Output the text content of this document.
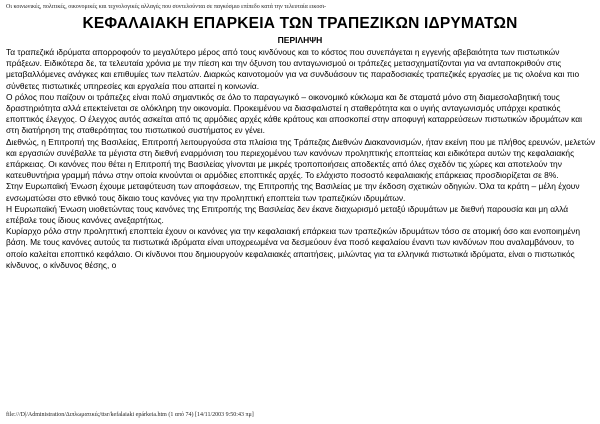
Οι κοινωνικές, πολιτικές, οικονομικές και τεχνολογικές αλλαγές που συντελούνται σε παγκόσμιο επίπεδο κατά την τελευταία εικοσι-
ΚΕΦΑΛΑΙΑΚΗ ΕΠΑΡΚΕΙΑ ΤΩΝ ΤΡΑΠΕΖΙΚΩΝ ΙΔΡΥΜΑΤΩΝ
ΠΕΡΙΛΗΨΗ

Τα τραπεζικά ιδρύματα απορροφούν το μεγαλύτερο μέρος από τους κινδύνους και το κόστος που συνεπάγεται η εγγενής αβεβαιότητα των πιστωτικών πράξεων. Ειδικότερα δε, τα τελευταία χρόνια με την πίεση και την όξυνση του ανταγωνισμού οι τράπεζες μετασχηματίζονται για να ανταποκριθούν στις μεταβαλλόμενες ανάγκες και επιθυμίες των πελατών. Διαρκώς καινοτομούν για να συνδυάσουν τις παραδοσιακές τραπεζικές εργασίες με τις ολοένα και πιο σύνθετες πιστωτικές υπηρεσίες και εργαλεία που απαιτεί η κοινωνία.

Ο ρόλος που παίζουν οι τράπεζες είναι πολύ σημαντικός σε όλο το παραγωγικό – οικονομικό κύκλωμα και δε σταματά μόνο στη διαμεσολαβητική τους δραστηριότητα αλλά επεκτείνεται σε ολόκληρη την οικονομία. Προκειμένου να διασφαλιστεί η σταθερότητα και ο υγιής ανταγωνισμός υπάρχει κρατικός εποπτικός έλεγχος. Ο έλεγχος αυτός ασκείται από τις αρμόδιες αρχές κάθε κράτους και αποσκοπεί στην αποφυγή καταρρεύσεων πιστωτικών ιδρυμάτων και στη διατήρηση της σταθερότητας του πιστωτικού συστήματος εν γένει.

Διεθνώς, η Επιτροπή της Βασιλείας, Επιτροπή λειτουργούσα στα πλαίσια της Τράπεζας Διεθνών Διακανονισμών, ήταν εκείνη που με πλήθος ερευνών, μελετών και εργασιών συνέβαλλε τα μέγιστα στη διεθνή εναρμόνιση του περιεχομένου των κανόνων προληπτικής εποπτείας και ειδικότερα αυτών της κεφαλαιακής επάρκειας. Οι κανόνες που θέτει η Επιτροπή της Βασιλείας γίνονται με μικρές τροποποιήσεις αποδεκτές από όλες σχεδόν τις χώρες και αποτελούν την κατευθυντήρια γραμμή πάνω στην οποία κινούνται οι αρμόδιες εποπτικές αρχές. Το ελάχιστο ποσοστό κεφαλαιακής επάρκειας προσδιορίζεται σε 8%.

Στην Ευρωπαϊκή Ένωση έχουμε μεταφύτευση των αποφάσεων, της Επιτροπής της Βασιλείας με την έκδοση σχετικών οδηγιών. Όλα τα κράτη – μέλη έχουν ενσωματώσει στο εθνικό τους δίκαιο τους κανόνες για την προληπτική εποπτεία των τραπεζικών ιδρυμάτων.

Η Ευρωπαϊκή Ένωση υιοθετώντας τους κανόνες της Επιτροπής της Βασιλείας δεν έκανε διαχωρισμό μεταξύ ιδρυμάτων με διεθνή παρουσία και μη αλλά επέβαλε τους ίδιους κανόνες ανεξαρτήτως.

Κυρίαρχο ρόλο στην προληπτική εποπτεία έχουν οι κανόνες για την κεφαλαιακή επάρκεια των τραπεζικών ιδρυμάτων τόσο σε ατομική όσο και ενοποιημένη βάση. Με τους κανόνες αυτούς τα πιστωτικά ιδρύματα είναι υποχρεωμένα να δεσμεύουν ένα ποσό κεφαλαίου έναντι των κινδύνων που αναλαμβάνουν, το οποίο καλείται εποπτικό κεφάλαιο. Οι κίνδυνοι που δημιουργούν κεφαλαιακές απαιτήσεις, μιλώντας για τα ελληνικά πιστωτικά ιδρύματα, είναι ο πιστωτικός κίνδυνος, ο κίνδυνος θέσης, ο

file:///D|/Administration/Διπλωματικές/ttsr/kefalaiaki epárkeia.htm (1 από 74) [14/11/2003 9:50:43 πμ]
